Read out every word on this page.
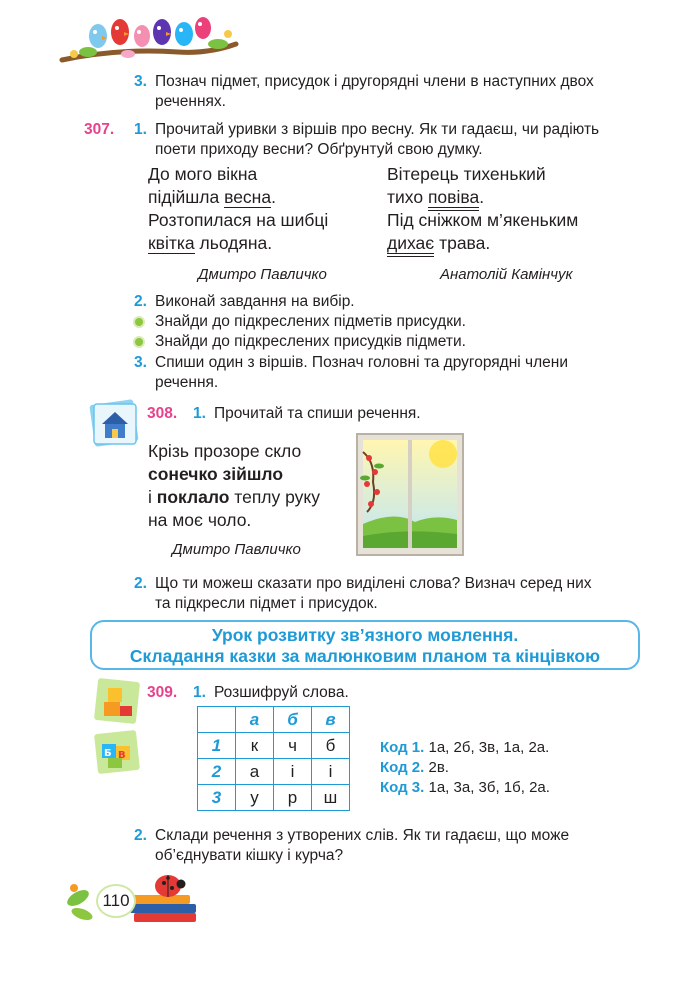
3. Познач підмет, присудок і другорядні члени в наступних двох
реченнях.
307. 1. Прочитай уривки з віршів про весну. Як ти гадаєш, чи радіють
поети приходу весни? Обґрунтуй свою думку.
До мого вікна
підійшла весна.
Розтопилася на шибці
квітка льодяна.
Вітерець тихенький
тихо повіва.
Під сніжком м’якеньким
дихає трава.
Дмитро Павличко	Анатолій Камінчук
2. Виконай завдання на вибір.
Знайди до підкреслених підметів присудки.
Знайди до підкреслених присудків підмети.
3. Спиши один з віршів. Познач головні та другорядні члени
речення.
308. 1. Прочитай та спиши речення.
Крізь прозоре скло
сонечко зійшло
і поклало теплу руку
на моє чоло.
Дмитро Павличко
2. Що ти можеш сказати про виділені слова? Визнач серед них
та підкресли підмет і присудок.
Урок розвитку зв’язного мовлення.
Складання казки за малюнковим планом та кінцівкою
Б В
309. 1. Розшифруй слова.
	а	б	в
1	к	ч	б
2	а	і	і
3	у	р	ш
Код 1. 1а, 2б, 3в, 1а, 2а.
Код 2. 2в.
Код 3. 1а, 3а, 3б, 1б, 2а.
2. Склади речення з утворених слів. Як ти гадаєш, що може
об’єднувати кішку і курча?
110
